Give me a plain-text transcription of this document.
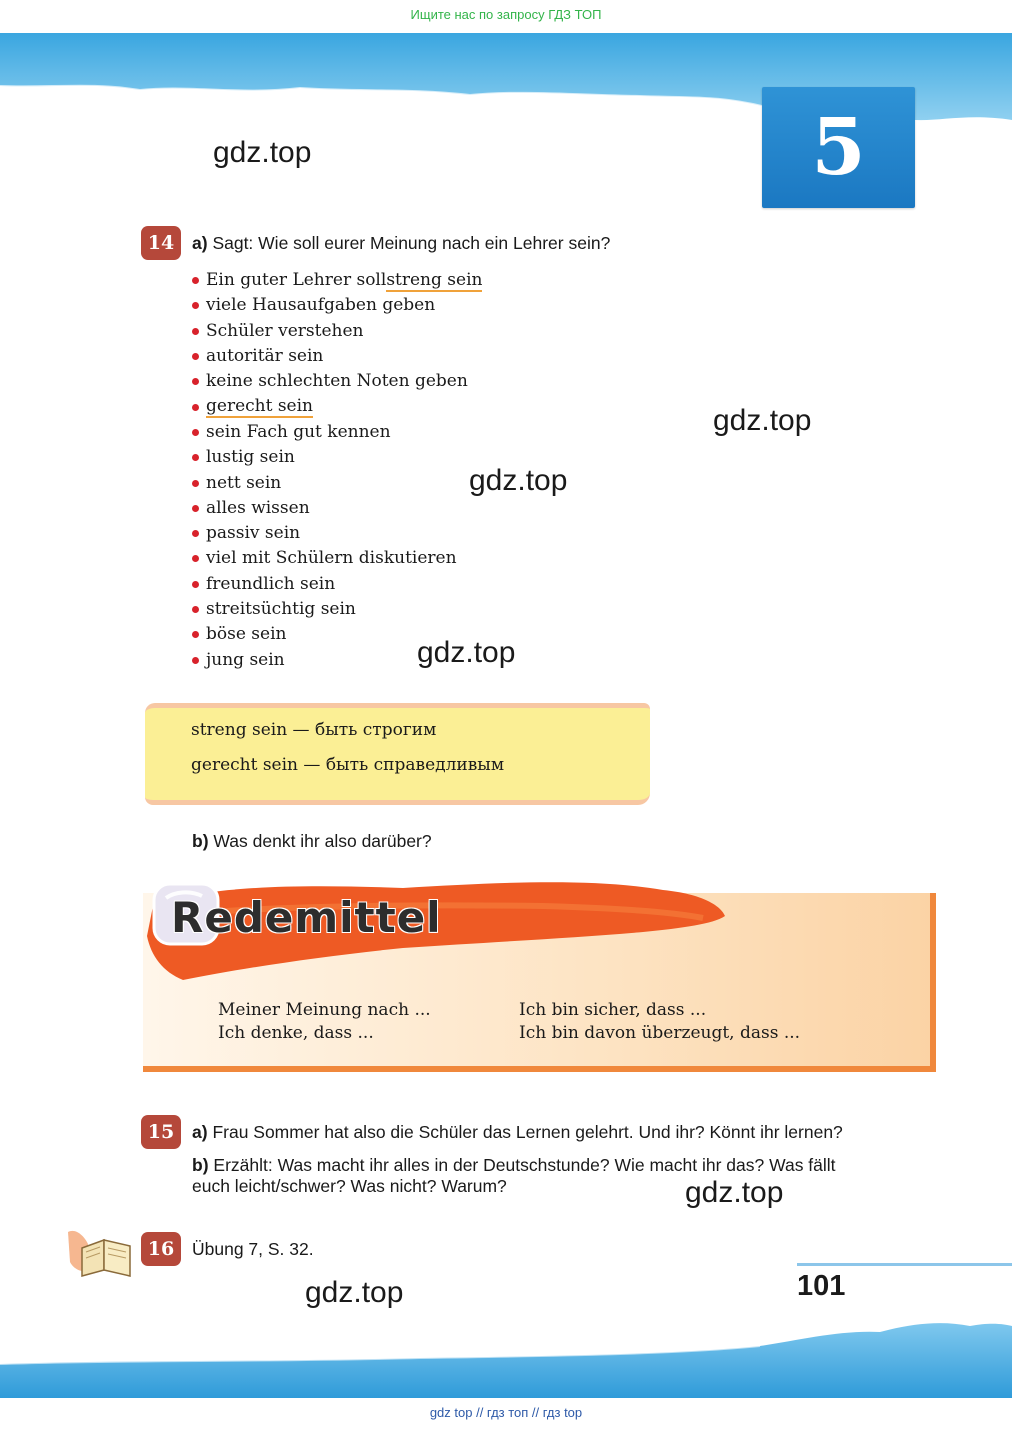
Ищите нас по запросу ГДЗ ТОП
5
gdz.top
gdz.top
gdz.top
gdz.top
gdz.top
gdz.top
14 a) Sagt: Wie soll eurer Meinung nach ein Lehrer sein?
Ein guter Lehrer soll streng sein
viele Hausaufgaben geben
Schüler verstehen
autoritär sein
keine schlechten Noten geben
gerecht sein
sein Fach gut kennen
lustig sein
nett sein
alles wissen
passiv sein
viel mit Schülern diskutieren
freundlich sein
streitsüchtig sein
böse sein
jung sein
streng sein — быть строгим
gerecht sein — быть справедливым
b) Was denkt ihr also darüber?
Redemittel
Meiner Meinung nach ...
Ich denke, dass ...
Ich bin sicher, dass ...
Ich bin davon überzeugt, dass ...
15 a) Frau Sommer hat also die Schüler das Lernen gelehrt. Und ihr? Könnt ihr lernen?
b) Erzählt: Was macht ihr alles in der Deutschstunde? Wie macht ihr das? Was fällt
euch leicht/schwer? Was nicht? Warum?
16 Übung 7, S. 32.
101
gdz top // гдз топ // гдз top
